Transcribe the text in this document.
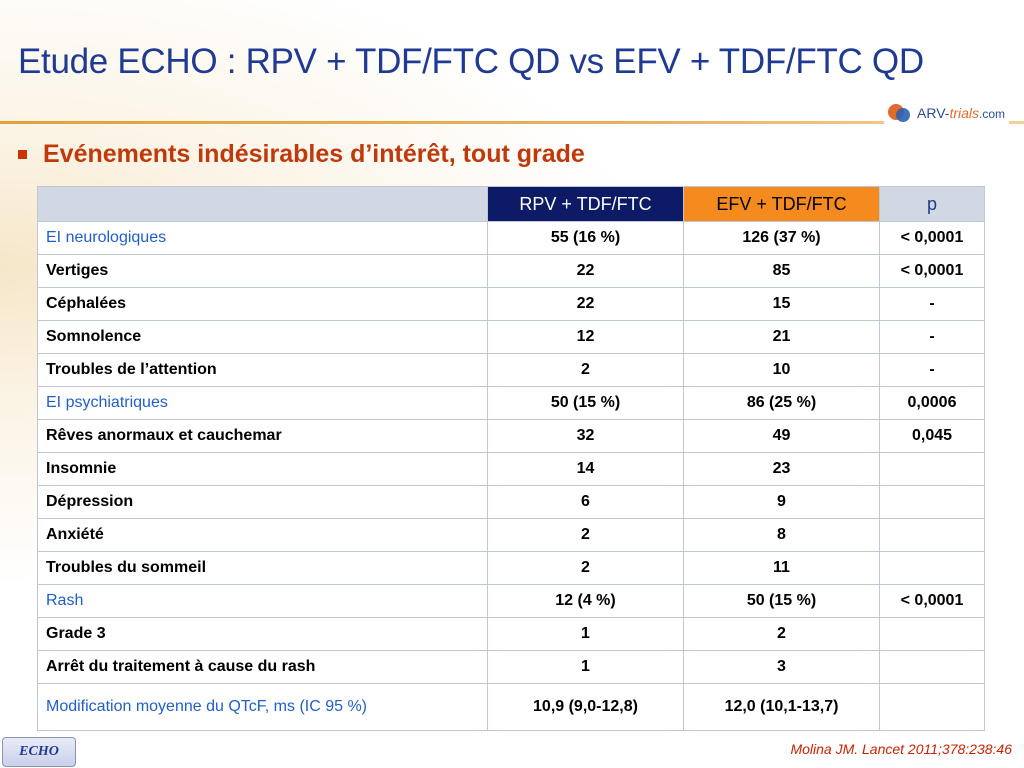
Etude ECHO : RPV + TDF/FTC QD vs EFV + TDF/FTC QD
ARV-trials.com
Evénements indésirables d’intérêt, tout grade
	RPV + TDF/FTC	EFV + TDF/FTC	p
EI neurologiques	55 (16 %)	126 (37 %)	< 0,0001
Vertiges	22	85	< 0,0001
Céphalées	22	15	-
Somnolence	12	21	-
Troubles de l’attention	2	10	-
EI psychiatriques	50 (15 %)	86 (25 %)	0,0006
Rêves anormaux et cauchemar	32	49	0,045
Insomnie	14	23	
Dépression	6	9	
Anxiété	2	8	
Troubles du sommeil	2	11	
Rash	12 (4 %)	50 (15 %)	< 0,0001
Grade 3	1	2	
Arrêt du traitement à cause du rash	1	3	
Modification moyenne du QTcF, ms (IC 95 %)	10,9 (9,0-12,8)	12,0 (10,1-13,7)	
ECHO	Molina JM. Lancet 2011;378:238:46
